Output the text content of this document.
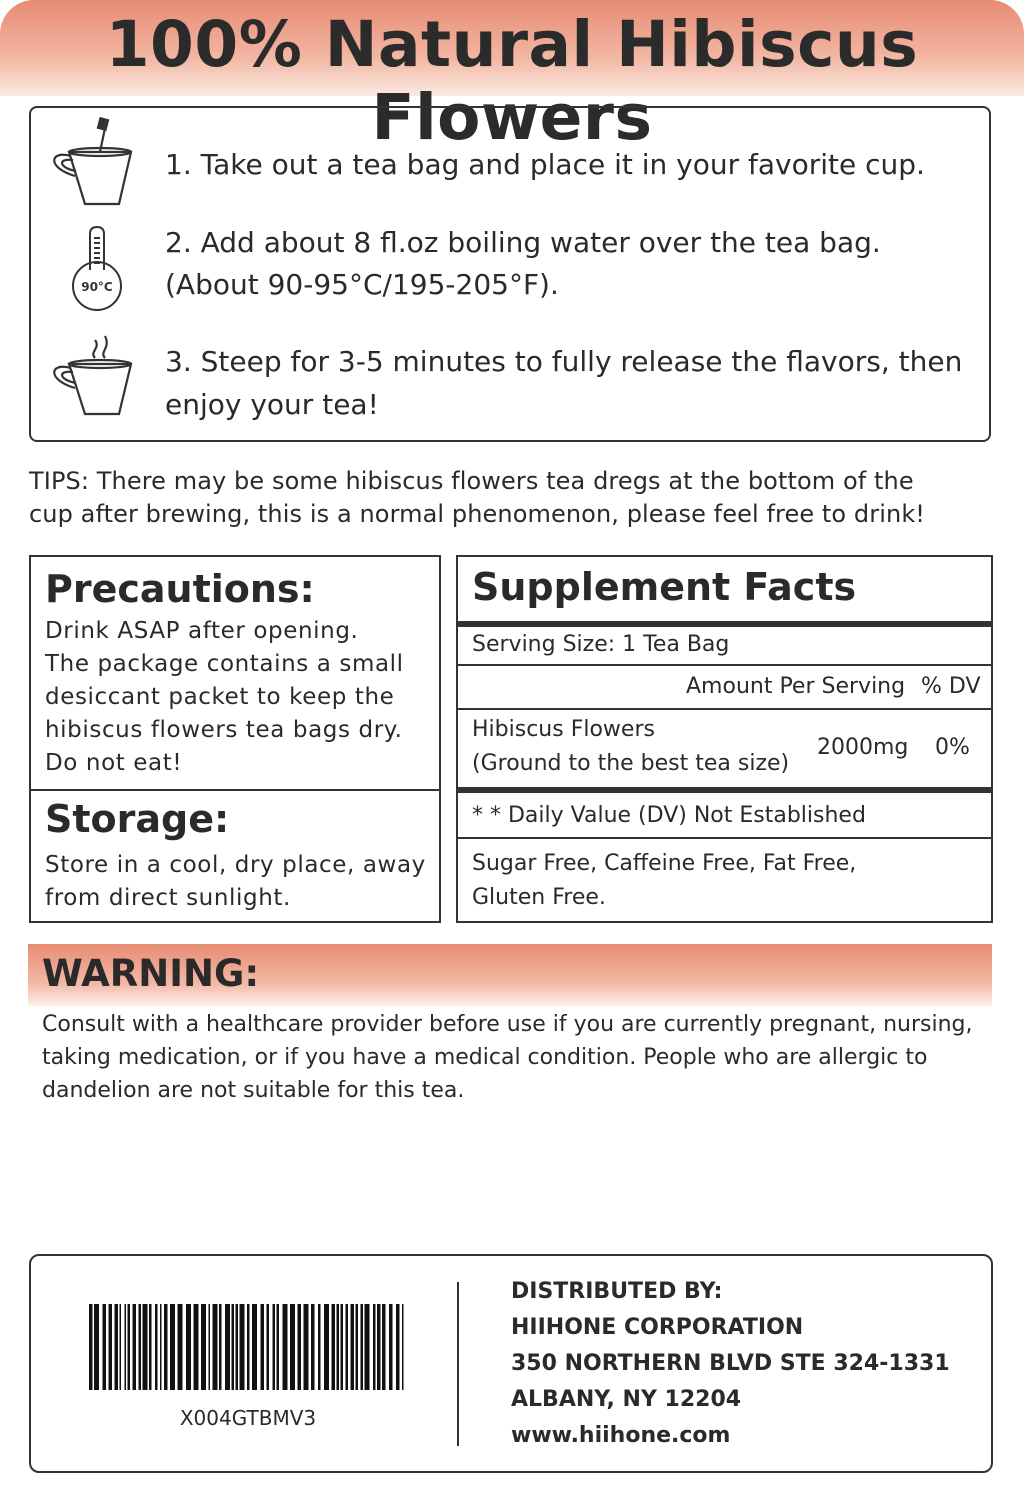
100% Natural Hibiscus Flowers

1. Take out a tea bag and place it in your favorite cup.

90°C

2. Add about 8 fl.oz boiling water over the tea bag.

(About 90-95°C/195-205°F).

3. Steep for 3-5 minutes to fully release the flavors, then

enjoy your tea!

TIPS: There may be some hibiscus flowers tea dregs at the bottom of the
cup after brewing, this is a normal phenomenon, please feel free to drink!
Precautions:
Drink ASAP after opening.
The package contains a small
desiccant packet to keep the
hibiscus flowers tea bags dry.
Do not eat!
Storage:
Store in a cool, dry place, away
from direct sunlight.
Supplement Facts

Serving Size: 1 Tea Bag

Amount Per Serving % DV

Hibiscus Flowers

(Ground to the best tea size)

2000mg 0%

* * Daily Value (DV) Not Established

Sugar Free, Caffeine Free, Fat Free,

Gluten Free.

WARNING:
Consult with a healthcare provider before use if you are currently pregnant, nursing,
taking medication, or if you have a medical condition. People who are allergic to
dandelion are not suitable for this tea.

X004GTBMV3

DISTRIBUTED BY:

HIIHONE CORPORATION

350 NORTHERN BLVD STE 324-1331

ALBANY, NY 12204

www.hiihone.com
